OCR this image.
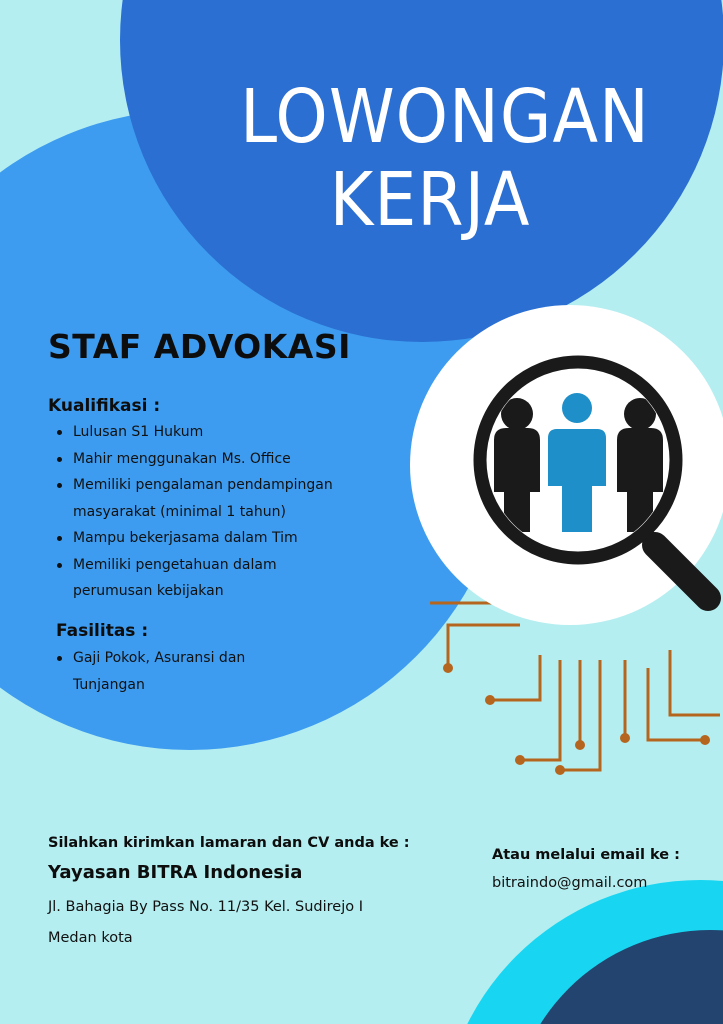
LOWONGAN
KERJA
STAF ADVOKASI
Kualifikasi :
Lulusan S1 Hukum
Mahir menggunakan Ms. Office
Memiliki pengalaman pendampingan masyarakat (minimal 1 tahun)
Mampu bekerjasama dalam Tim
Memiliki pengetahuan dalam perumusan kebijakan
Fasilitas :
Gaji Pokok, Asuransi dan Tunjangan
Silahkan kirimkan lamaran dan CV anda ke :
Yayasan BITRA Indonesia
Jl. Bahagia By Pass No. 11/35 Kel. Sudirejo I
Medan kota
Atau melalui email ke :
bitraindo@gmail.com
